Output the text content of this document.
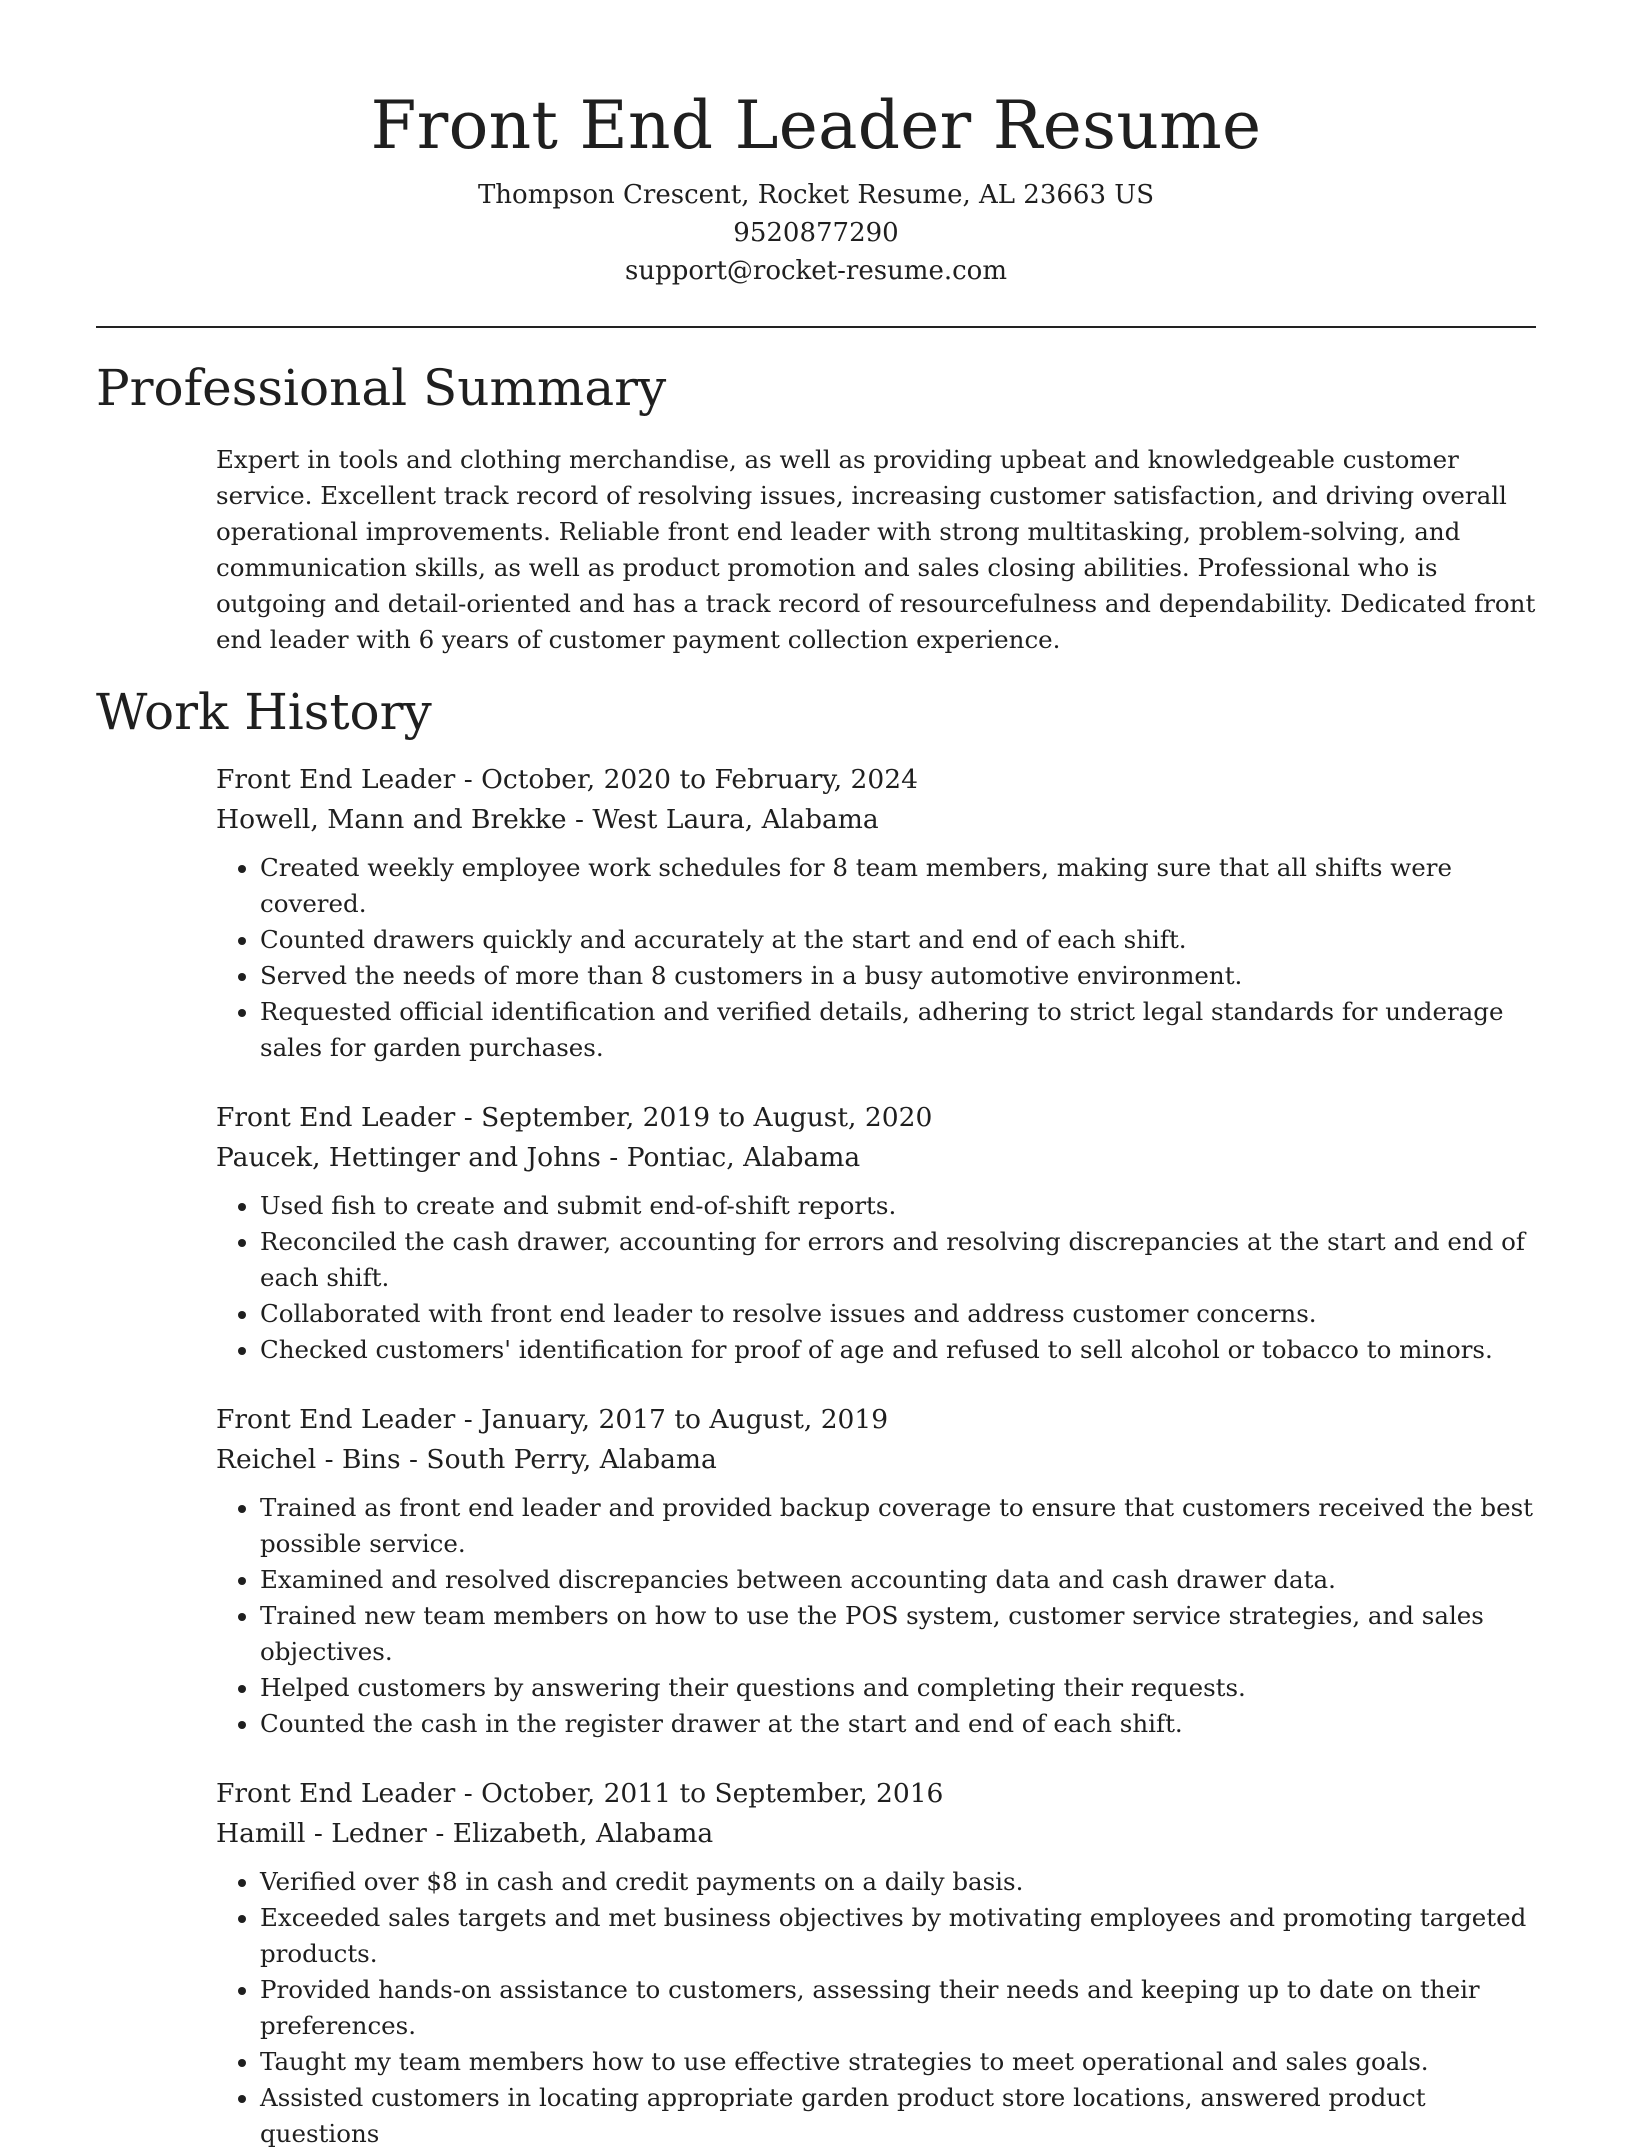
Front End Leader Resume

Thompson Crescent, Rocket Resume, AL 23663 US

9520877290

support@rocket-resume.com

Professional Summary

Expert in tools and clothing merchandise, as well as providing upbeat and knowledgeable customer service. Excellent track record of resolving issues, increasing customer satisfaction, and driving overall operational improvements. Reliable front end leader with strong multitasking, problem-solving, and communication skills, as well as product promotion and sales closing abilities. Professional who is outgoing and detail-oriented and has a track record of resourcefulness and dependability. Dedicated front end leader with 6 years of customer payment collection experience.

Work History
Front End Leader - October, 2020 to February, 2024
Howell, Mann and Brekke - West Laura, Alabama
• Created weekly employee work schedules for 8 team members, making sure that all shifts were covered.
• Counted drawers quickly and accurately at the start and end of each shift.
• Served the needs of more than 8 customers in a busy automotive environment.
• Requested official identification and verified details, adhering to strict legal standards for underage sales for garden purchases.
Front End Leader - September, 2019 to August, 2020
Paucek, Hettinger and Johns - Pontiac, Alabama
• Used fish to create and submit end-of-shift reports.
• Reconciled the cash drawer, accounting for errors and resolving discrepancies at the start and end of each shift.
• Collaborated with front end leader to resolve issues and address customer concerns.
• Checked customers' identification for proof of age and refused to sell alcohol or tobacco to minors.
Front End Leader - January, 2017 to August, 2019
Reichel - Bins - South Perry, Alabama
• Trained as front end leader and provided backup coverage to ensure that customers received the best possible service.
• Examined and resolved discrepancies between accounting data and cash drawer data.
• Trained new team members on how to use the POS system, customer service strategies, and sales objectives.
• Helped customers by answering their questions and completing their requests.
• Counted the cash in the register drawer at the start and end of each shift.
Front End Leader - October, 2011 to September, 2016
Hamill - Ledner - Elizabeth, Alabama
• Verified over $8 in cash and credit payments on a daily basis.
• Exceeded sales targets and met business objectives by motivating employees and promoting targeted products.
• Provided hands-on assistance to customers, assessing their needs and keeping up to date on their preferences.
• Taught my team members how to use effective strategies to meet operational and sales goals.
• Assisted customers in locating appropriate garden product store locations, answered product questions
